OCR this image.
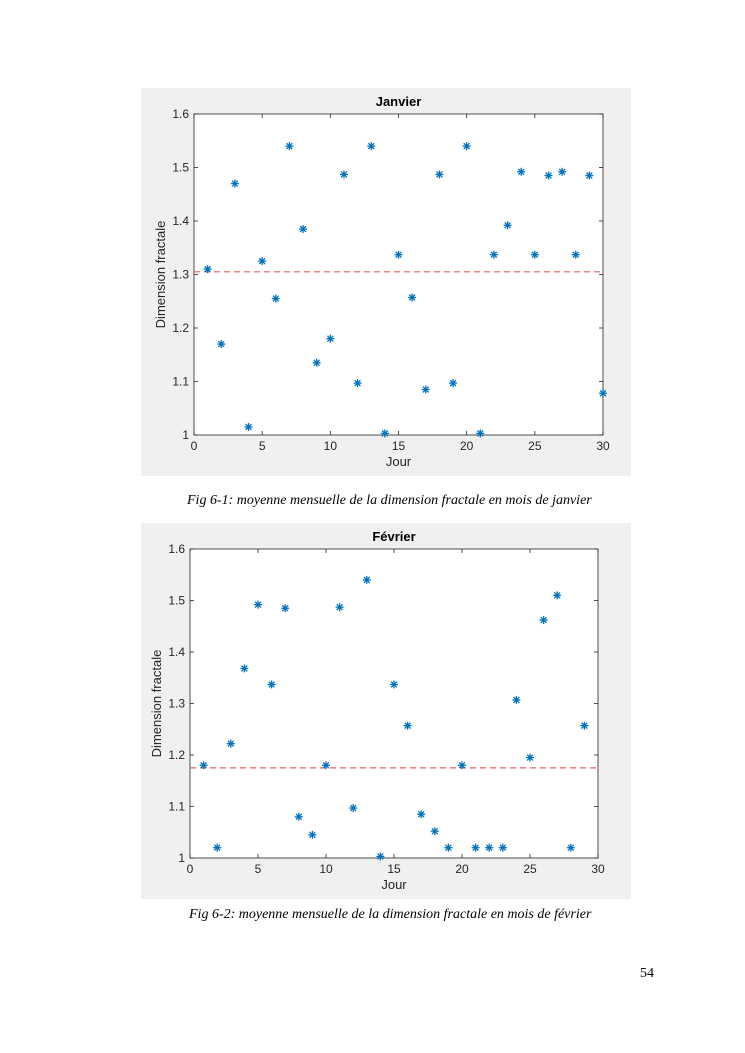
Janvier
0	5	10	15	20	25	30
1
1.1
1.2
1.3
1.4
1.5
1.6
Jour
Dimension fractale
Fig 6-1: moyenne mensuelle de la dimension fractale en mois de janvier
Février
0	5	10	15	20	25	30
1
1.1
1.2
1.3
1.4
1.5
1.6
Jour
Dimension fractale
Fig 6-2: moyenne mensuelle de la dimension fractale en mois de février
54
